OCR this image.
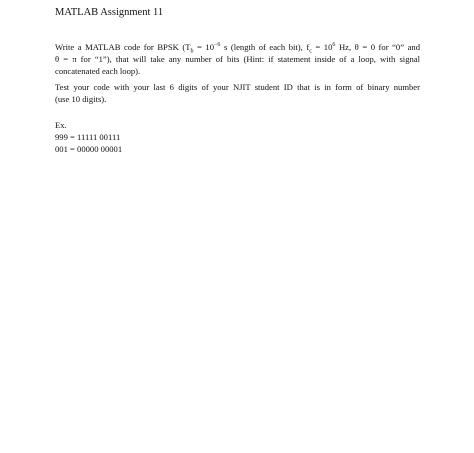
MATLAB Assignment 11
Write a MATLAB code for BPSK ($T_b = 10^{-6}$ s (length of each bit), $f_c = 10^6$ Hz, θ = 0 for “0” and
θ = π for “1”), that will take any number of bits (Hint: if statement inside of a loop, with signal
concatenated each loop).
Test your code with your last 6 digits of your NJIT student ID that is in form of binary number
(use 10 digits).
Ex.
999 = 11111 00111
001 = 00000 00001
